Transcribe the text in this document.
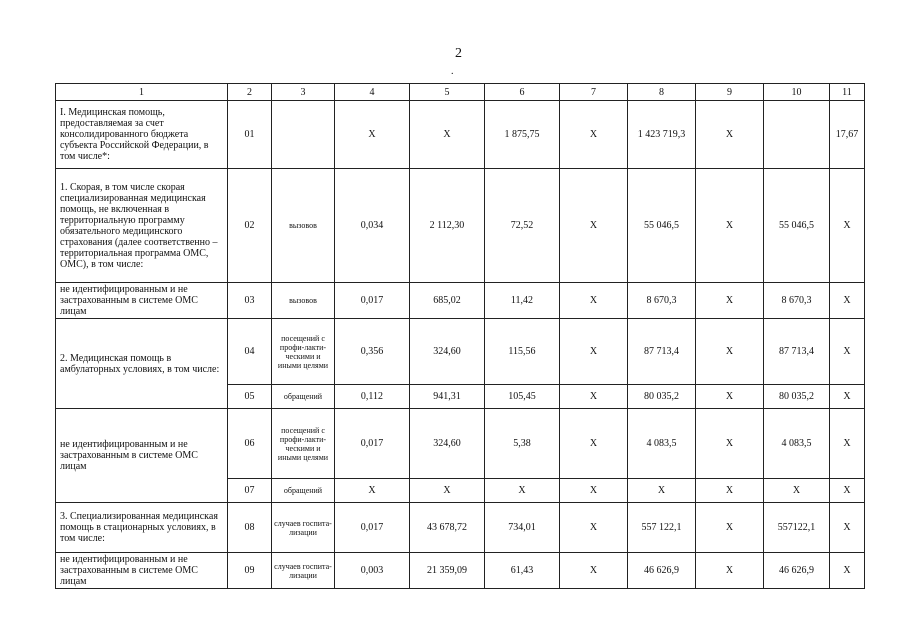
2
.
1	2	3	4	5	6	7	8	9	10	11
I. Медицинская помощь, предоставляемая за счет консолидированного бюджета субъекта Российской Федерации, в том числе*:	01		X	X	1 875,75	X	1 423 719,3	X		17,67
1. Скорая, в том числе скорая специализированная медицинская помощь, не включенная в территориальную программу обязательного медицинского страхования (далее соответственно – территориальная программа ОМС, ОМС), в том числе:	02	вызовов	0,034	2 112,30	72,52	X	55 046,5	X	55 046,5	X
не идентифицированным и не застрахованным в системе ОМС лицам	03	вызовов	0,017	685,02	11,42	X	8 670,3	X	8 670,3	X
2. Медицинская помощь в амбулаторных условиях, в том числе:	04	посещений с профи-лакти-ческими и иными целями	0,356	324,60	115,56	X	87 713,4	X	87 713,4	X
	05	обращений	0,112	941,31	105,45	X	80 035,2	X	80 035,2	X
не идентифицированным и не застрахованным в системе ОМС лицам	06	посещений с профи-лакти-ческими и иными целями	0,017	324,60	5,38	X	4 083,5	X	4 083,5	X
	07	обращений	X	X	X	X	X	X	X	X
3. Специализированная медицинская помощь в стационарных условиях, в том числе:	08	случаев госпита-лизации	0,017	43 678,72	734,01	X	557 122,1	X	557122,1	X
не идентифицированным и не застрахованным в системе ОМС лицам	09	случаев госпита-лизации	0,003	21 359,09	61,43	X	46 626,9	X	46 626,9	X
